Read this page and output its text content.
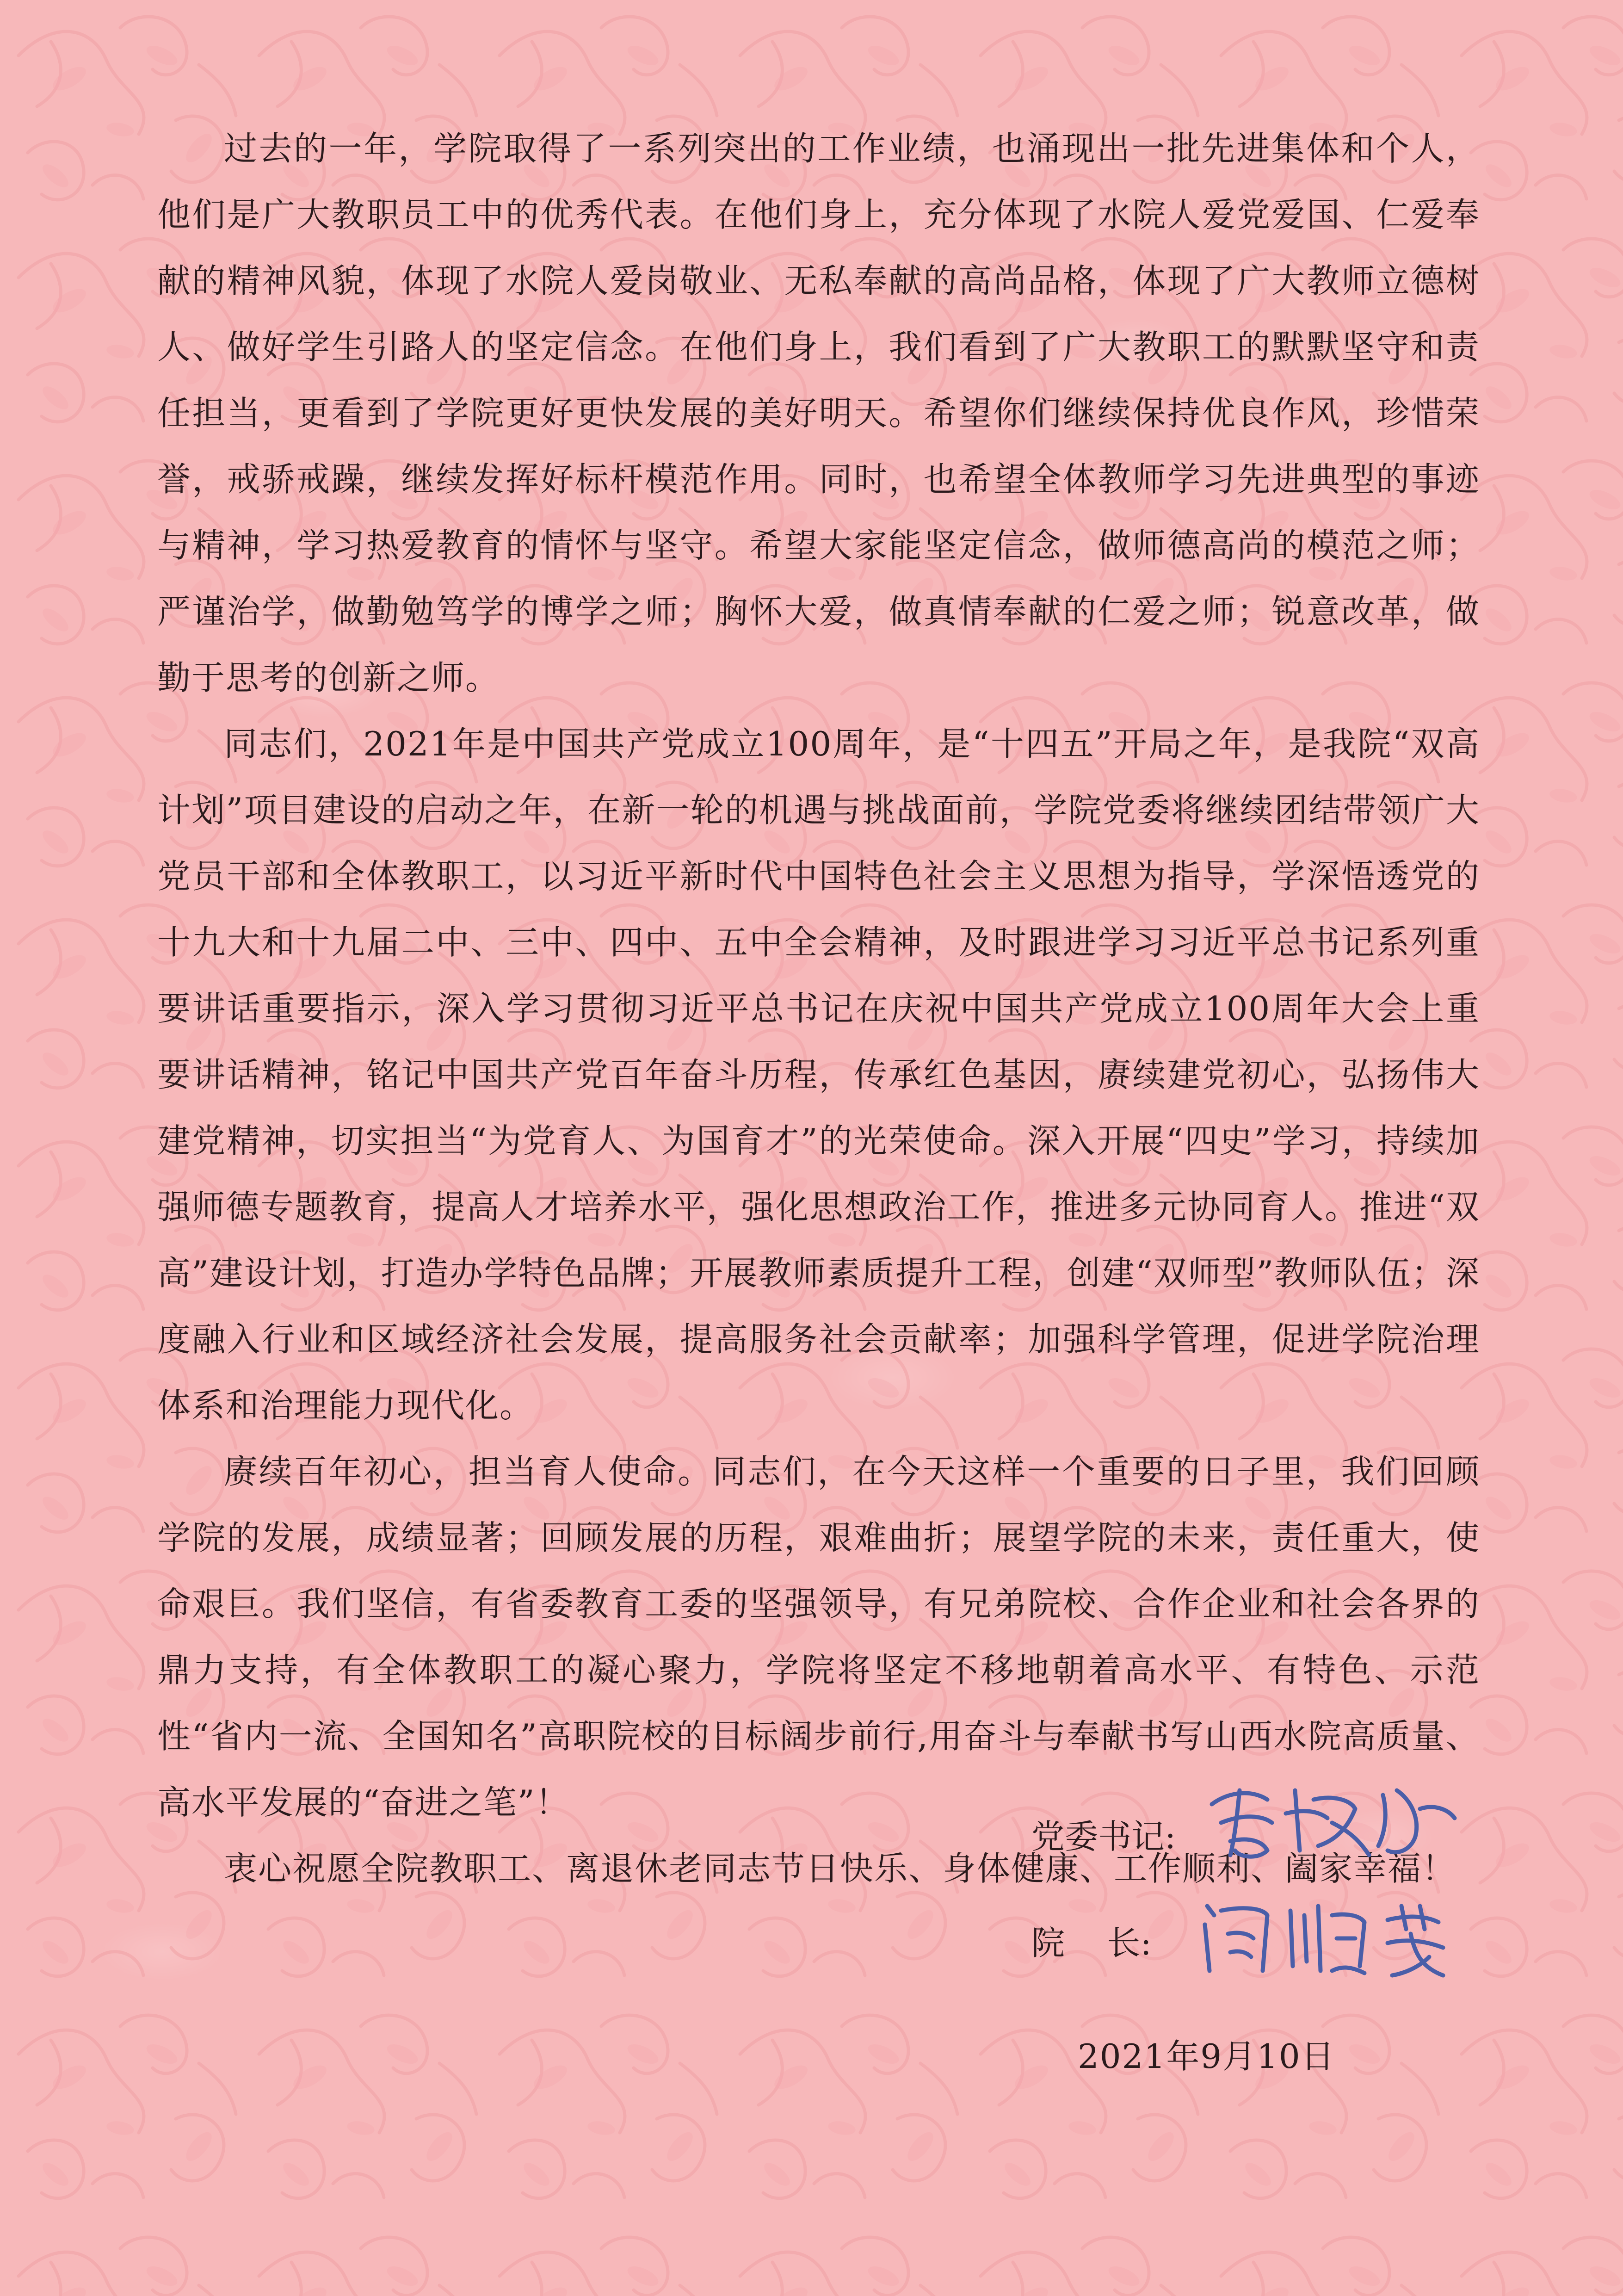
过去的一年，学院取得了一系列突出的工作业绩，也涌现出一批先进集体和个人，他们是广大教职员工中的优秀代表。在他们身上，充分体现了水院人爱党爱国、仁爱奉献的精神风貌，体现了水院人爱岗敬业、无私奉献的高尚品格，体现了广大教师立德树人、做好学生引路人的坚定信念。在他们身上，我们看到了广大教职工的默默坚守和责任担当，更看到了学院更好更快发展的美好明天。希望你们继续保持优良作风，珍惜荣誉，戒骄戒躁，继续发挥好标杆模范作用。同时，也希望全体教师学习先进典型的事迹与精神，学习热爱教育的情怀与坚守。希望大家能坚定信念，做师德高尚的模范之师；严谨治学，做勤勉笃学的博学之师；胸怀大爱，做真情奉献的仁爱之师；锐意改革，做勤于思考的创新之师。

同志们，2021年是中国共产党成立100周年，是“十四五”开局之年，是我院“双高计划”项目建设的启动之年，在新一轮的机遇与挑战面前，学院党委将继续团结带领广大党员干部和全体教职工，以习近平新时代中国特色社会主义思想为指导，学深悟透党的十九大和十九届二中、三中、四中、五中全会精神，及时跟进学习习近平总书记系列重要讲话重要指示，深入学习贯彻习近平总书记在庆祝中国共产党成立100周年大会上重要讲话精神，铭记中国共产党百年奋斗历程，传承红色基因，赓续建党初心，弘扬伟大建党精神，切实担当“为党育人、为国育才”的光荣使命。深入开展“四史”学习，持续加强师德专题教育，提高人才培养水平，强化思想政治工作，推进多元协同育人。推进“双高”建设计划，打造办学特色品牌；开展教师素质提升工程，创建“双师型”教师队伍；深度融入行业和区域经济社会发展，提高服务社会贡献率；加强科学管理，促进学院治理体系和治理能力现代化。

赓续百年初心，担当育人使命。同志们，在今天这样一个重要的日子里，我们回顾学院的发展，成绩显著；回顾发展的历程，艰难曲折；展望学院的未来，责任重大，使命艰巨。我们坚信，有省委教育工委的坚强领导，有兄弟院校、合作企业和社会各界的鼎力支持，有全体教职工的凝心聚力，学院将坚定不移地朝着高水平、有特色、示范性“省内一流、全国知名”高职院校的目标阔步前行,用奋斗与奉献书写山西水院高质量、高水平发展的“奋进之笔”！

衷心祝愿全院教职工、离退休老同志节日快乐、身体健康、工作顺利、阖家幸福！

党委书记:
院    长:
2021年9月10日
